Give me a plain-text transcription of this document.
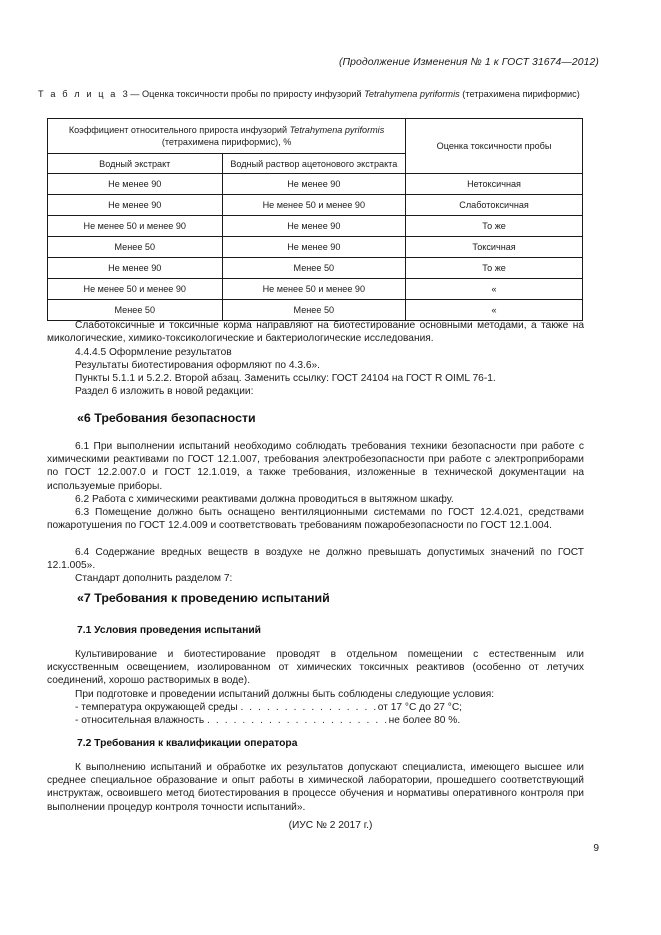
(Продолжение Изменения № 1 к ГОСТ 31674—2012)
Т а б л и ц а 3 — Оценка токсичности пробы по приросту инфузорий Tetrahymena pyriformis (тетрахимена пириформис)
Коэффициент относительного прироста инфузорий Tetrahymena pyriformis
(тетрахимена пириформис), %		Оценка токсичности пробы
Водный экстракт	Водный раствор ацетонового экстракта	
Не менее 90	Не менее 90	Нетоксичная
Не менее 90	Не менее 50 и менее 90	Слаботоксичная
Не менее 50 и менее 90	Не менее 90	То же
Менее 50	Не менее 90	Токсичная
Не менее 90	Менее 50	То же
Не менее 50 и менее 90	Не менее 50 и менее 90	«
Менее 50	Менее 50	«

Слаботоксичные и токсичные корма направляют на биотестирование основными методами, а также на микологические, химико-токсикологические и бактериологические исследования.

4.4.4.5 Оформление результатов

Результаты биотестирования оформляют по 4.3.6».

Пункты 5.1.1 и 5.2.2. Второй абзац. Заменить ссылку: ГОСТ 24104 на ГОСТ R OIML 76-1.

Раздел 6 изложить в новой редакции:

«6 Требования безопасности

6.1 При выполнении испытаний необходимо соблюдать требования техники безопасности при работе с химическими реактивами по ГОСТ 12.1.007, требования электробезопасности при работе с электроприборами по ГОСТ 12.2.007.0 и ГОСТ 12.1.019, а также требования, изложенные в технической документации на используемые приборы.

6.2 Работа с химическими реактивами должна проводиться в вытяжном шкафу.

6.3 Помещение должно быть оснащено вентиляционными системами по ГОСТ 12.4.021, средствами пожаротушения по ГОСТ 12.4.009 и соответствовать требованиям пожаробезопасности по ГОСТ 12.1.004.

6.4 Содержание вредных веществ в воздухе не должно превышать допустимых значений по ГОСТ 12.1.005».

Стандарт дополнить разделом 7:

«7 Требования к проведению испытаний
7.1 Условия проведения испытаний

Культивирование и биотестирование проводят в отдельном помещении с естественным или искусственным освещением, изолированном от химических токсичных реактивов (особенно от летучих соединений, хорошо растворимых в воде).

При подготовке и проведении испытаний должны быть соблюдены следующие условия:

- температура окружающей среды . . . . . . . . . . . . . . . .от 17 °С до 27 °С;
- относительная влажность . . . . . . . . . . . . . . . . . . . . .не более 80 %.
7.2 Требования к квалификации оператора

К выполнению испытаний и обработке их результатов допускают специалиста, имеющего высшее или среднее специальное образование и опыт работы в химической лаборатории, прошедшего соответствующий инструктаж, освоившего метод биотестирования в процессе обучения и нормативы оперативного контроля при выполнении процедур контроля точности испытаний».

(ИУС № 2 2017 г.)
9
